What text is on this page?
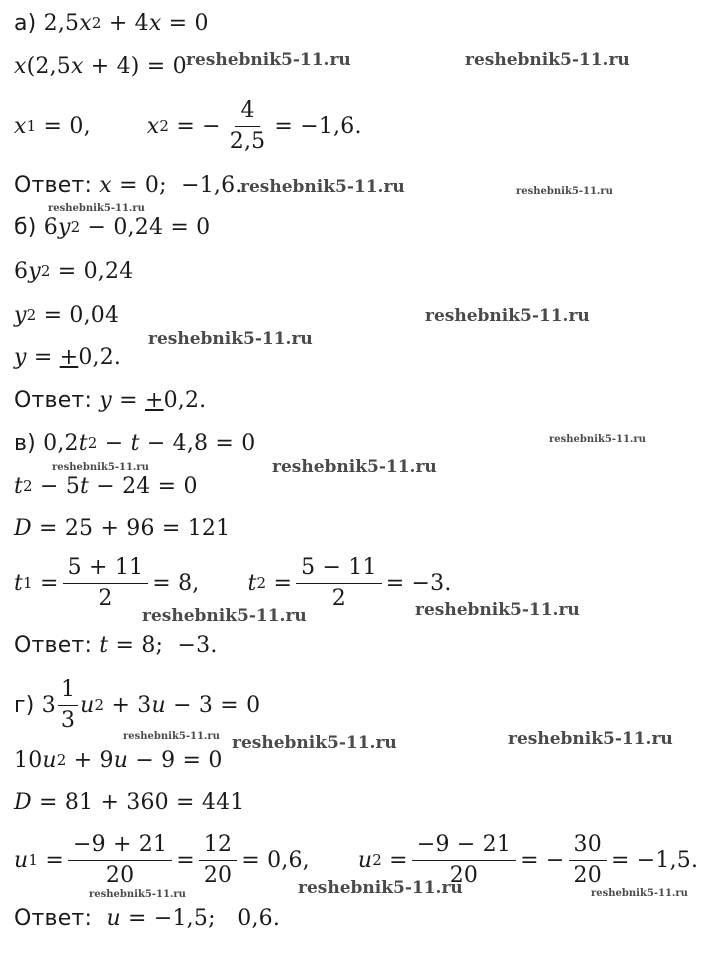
а) 2,5 x 2 + 4 x = 0
x (2,5 x + 4) = 0
x 1 = 0,	x 2 = −
4
2,5
= −1,6.
Ответ: x = 0;  −1,6.
б) 6 y 2 − 0,24 = 0
6 y 2 = 0,24
y 2 = 0,04
y = + 0,2.
Ответ: y = +0,2.
в) 0,2 t 2 − t − 4,8 = 0
t 2 − 5 t − 24 = 0
D = 25 + 96 = 121
t 1 =
5 + 11
2
= 8, t 2 =
5 − 11
2
= −3.
Ответ: t = 8;  −3.
г) 3
1
3
u 2 + 3 u − 3 = 0
10 u 2 + 9 u − 9 = 0
D = 81 + 360 = 441
u 1 =
−9 + 21
20
=
12
20
= 0,6, u 2 =
−9 − 21
20
= −
30
20
= −1,5.
Ответ: u = −1,5;   0,6.
reshebnik5-11.ru	reshebnik5-11.ru
reshebnik5-11.ru	reshebnik5-11.ru
reshebnik5-11.ru
reshebnik5-11.ru
reshebnik5-11.ru
reshebnik5-11.ru
reshebnik5-11.ru
reshebnik5-11.ru
reshebnik5-11.ru
reshebnik5-11.ru
reshebnik5-11.ru reshebnik5-11.ru	reshebnik5-11.ru
reshebnik5-11.ru
reshebnik5-11.ru	reshebnik5-11.ru
